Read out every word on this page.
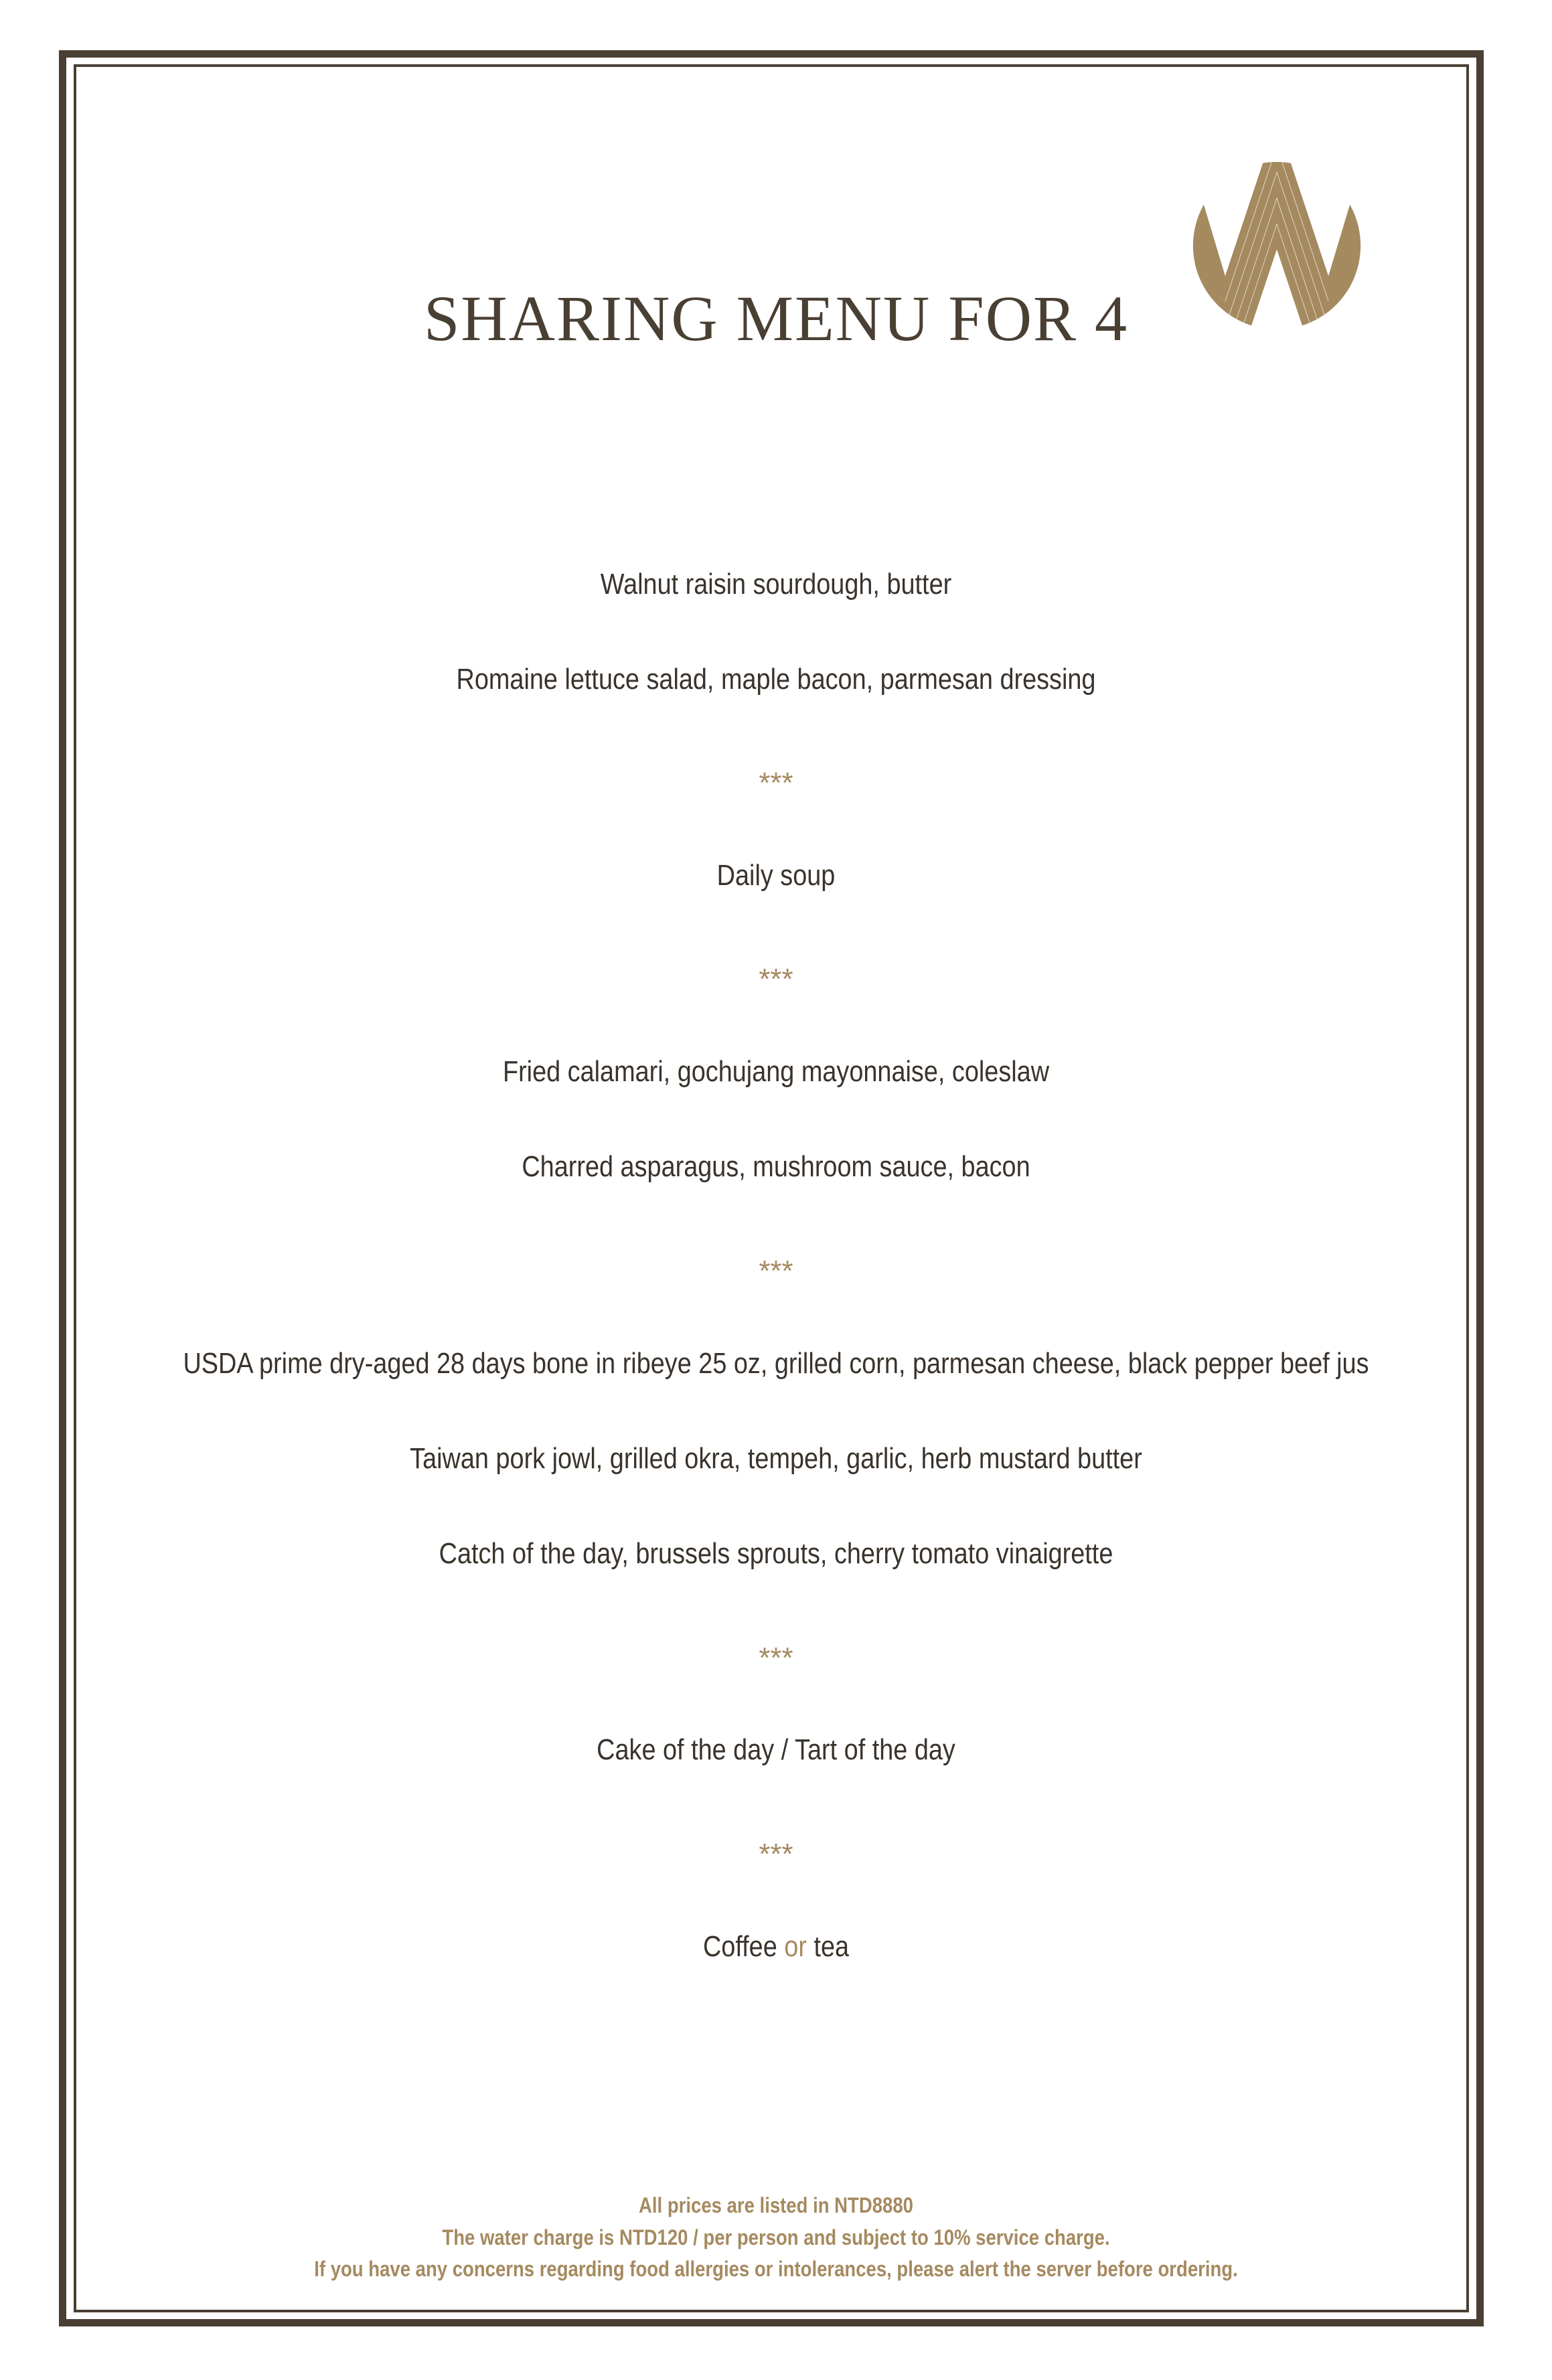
SHARING MENU FOR 4
Walnut raisin sourdough, butter
Romaine lettuce salad, maple bacon, parmesan dressing
***
Daily soup
***
Fried calamari, gochujang mayonnaise, coleslaw
Charred asparagus, mushroom sauce, bacon
***
USDA prime dry-aged 28 days bone in ribeye 25 oz, grilled corn, parmesan cheese, black pepper beef jus
Taiwan pork jowl, grilled okra, tempeh, garlic, herb mustard butter
Catch of the day, brussels sprouts, cherry tomato vinaigrette
***
Cake of the day / Tart of the day
***
Coffee or tea
All prices are listed in NTD8880
The water charge is NTD120 / per person and subject to 10% service charge.
If you have any concerns regarding food allergies or intolerances, please alert the server before ordering.
